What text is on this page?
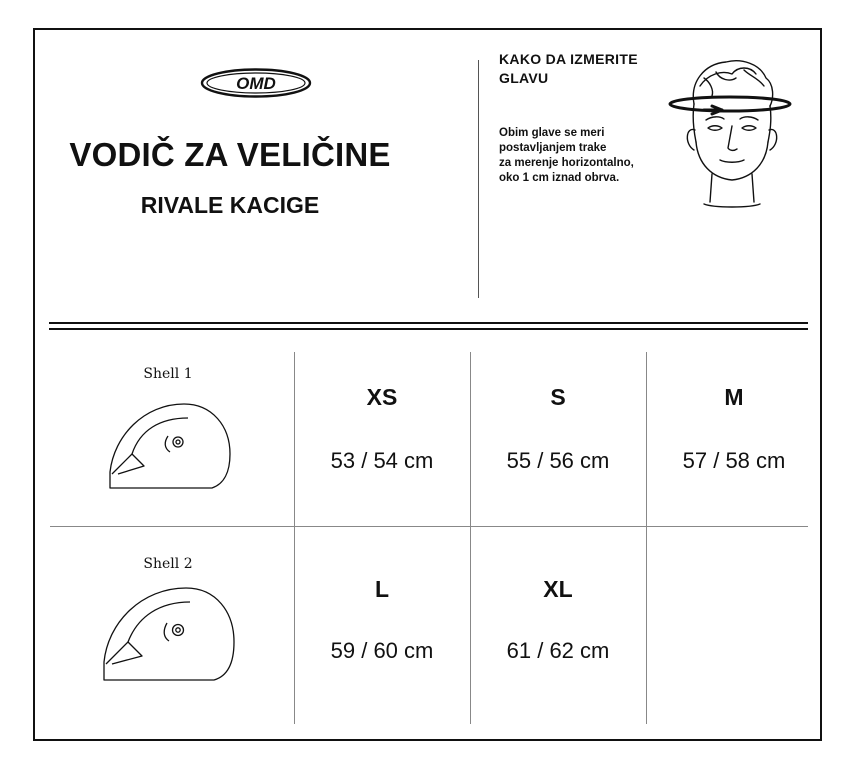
OMD
VODIČ ZA VELIČINE
RIVALE KACIGE
KAKO DA IZMERITE
GLAVU
Obim glave se meri
postavljanjem trake
za merenje horizontalno,
oko 1 cm iznad obrva.
Shell 1
XS
53 / 54 cm
S
55 / 56 cm
M
57 / 58 cm
Shell 2
L
59 / 60 cm
XL
61 / 62 cm
